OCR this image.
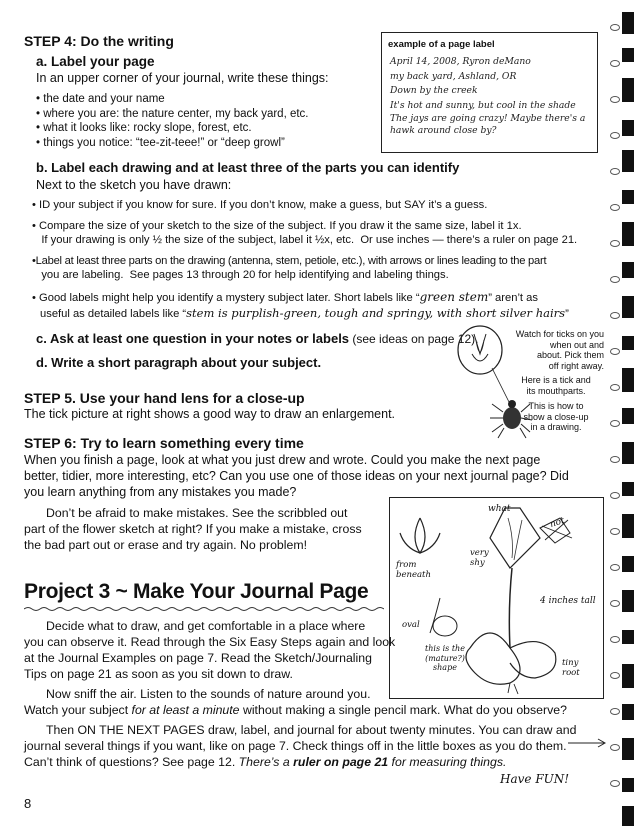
STEP 4: Do the writing
a. Label your page
In an upper corner of your journal, write these things:
• the date and your name
• where you are: the nature center, my back yard, etc.
• what it looks like: rocky slope, forest, etc.
• things you notice: “tee-zit-teee!” or “deep growl”
example of a page label
April 14, 2008, Ryron deMano
my back yard, Ashland, OR
Down by the creek
It's hot and sunny, but cool in the shade
The jays are going crazy! Maybe there's a
hawk around close by?
b. Label each drawing and at least three of the parts you can identify
Next to the sketch you have drawn:
• ID your subject if you know for sure. If you don’t know, make a guess, but SAY it’s a guess.
• Compare the size of your sketch to the size of the subject. If you draw it the same size, label it 1x.
If your drawing is only ½ the size of the subject, label it ½x, etc.  Or use inches — there’s a ruler on page 21.
•Label at least three parts on the drawing (antenna, stem, petiole, etc.), with arrows or lines leading to the part
you are labeling.  See pages 13 through 20 for help identifying and labeling things.
• Good labels might help you identify a mystery subject later. Short labels like “green stem” aren’t as
useful as detailed labels like “stem is purplish-green, tough and springy, with short silver hairs”
c. Ask at least one question in your notes or labels (see ideas on page 12).
d. Write a short paragraph about your subject.
Watch for ticks on you
when out and
about. Pick them
off right away.
Here is a tick and
its mouthparts.
This is how to
show a close-up
in a drawing.
STEP 5. Use your hand lens for a close-up
The tick picture at right shows a good way to draw an enlargement.
STEP 6: Try to learn something every time
When you finish a page, look at what you just drew and wrote. Could you make the next page
better, tidier, more interesting, etc? Can you use one of those ideas on your next journal page? Did
you learn anything from any mistakes you made?
Don’t be afraid to make mistakes. See the scribbled out
part of the flower sketch at right? If you make a mistake, cross
the bad part out or erase and try again. No problem!
what
not
from beneath
very shy
4 inches tall
oval
this is the (mature?) shape	tiny root
Project 3 ~ Make Your Journal Page
Decide what to draw, and get comfortable in a place where
you can observe it. Read through the Six Easy Steps again and look
at the Journal Examples on page 7. Read the Sketch/Journaling
Tips on page 21 as soon as you sit down to draw.
Now sniff the air. Listen to the sounds of nature around you.
Watch your subject for at least a minute without making a single pencil mark. What do you observe?
Then ON THE NEXT PAGES draw, label, and journal for about twenty minutes. You can draw and
journal several things if you want, like on page 7. Check things off in the little boxes as you do them.
Can’t think of questions? See page 12. There’s a ruler on page 21 for measuring things.
Have FUN!
8
